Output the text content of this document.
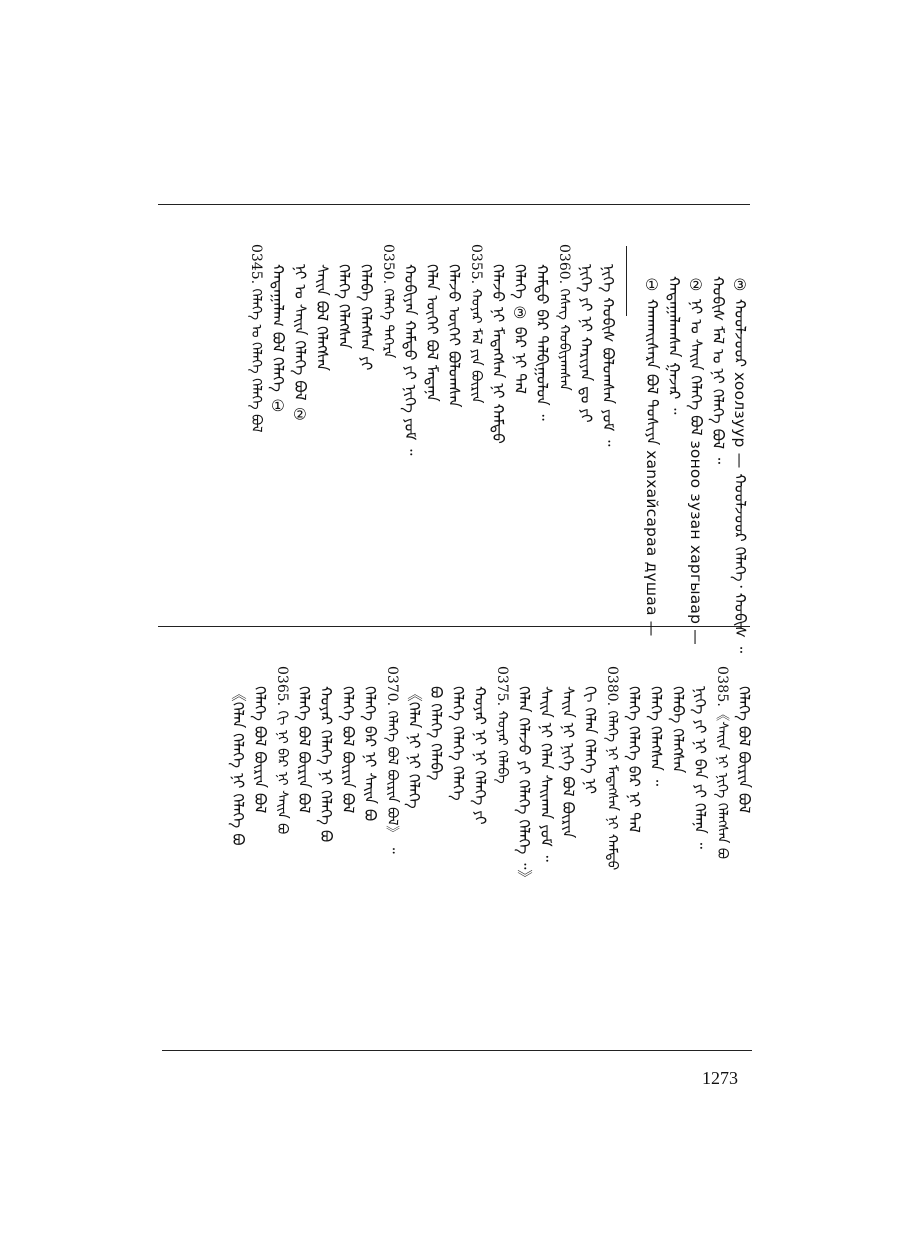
③ ᠬᠣᠣᠯᠵᠤᠤᠷ xoолзуур — ᠬᠣᠣᠯᠵᠤᠤᠷ ᠬᠡᠯᠡᠭᠡ᠂ ᠬᠤᠪᠢᠰ ᠃
ᠬᠤᠪᠢᠰ ᠮᠠᠯ ᠤ ᠨᠢ ᠬᠡᠯᠡᠭᠡ ᠪᠣᠯ ᠃
② ᠨᠢ ᠤ ᠰᠠᠢᠨ ᠬᠡᠯᠡᠭᠡ ᠪᠣᠯ зоноо зузан хаpгыаар —
ᠬᠠᠳᠠᠭᠠᠯᠠᠭᠰᠠᠨ ᠭᠠᠵᠠᠷ ᠃
① ᠬᠠᠨᠬᠠᠢᠰᠠᠷᠠ ᠪᠣᠯ ᠳᠤᠰᠢᠶᠠ хаnхайcapаа дүшаа —
ᠨᠢᠭᠡ ᠬᠤᠪᠢᠰ ᠪᠣᠯᠤᠭᠰᠠᠨ ᠶᠤᠮ ᠃
ᠨᠢᠭᠡ ᠶᠢ ᠨᠢ ᠬᠠᠷᠢᠶᠠᠨ ᠳᠤ ᠶᠢ
0360. ᠬᠡᠰᠡᠭ ᠬᠤᠪᠢᠶᠠᠭᠰᠠᠨ
ᠬᠠᠮᠲᠤ ᠪᠠᠷ ᠲᠠᠯᠪᠢᠭᠤᠯᠤᠨ ᠃
ᠬᠡᠯᠡᠭᠡ ③ ᠪᠠᠷ ᠨᠢ ᠲᠠᠯ
ᠬᠡᠯᠡᠵᠦ ᠨᠢ ᠮᠡᠳᠡᠭᠰᠡᠨ ᠨᠢ ᠬᠠᠮᠲᠤ
0355. ᠬᠣᠶᠠᠷ ᠮᠠᠯ ᠶᠢᠨ ᠪᠦᠷᠢᠨ
ᠬᠡᠯᠡᠵᠦ ᠦᠭᠡᠢ ᠪᠣᠯᠤᠭᠰᠠᠨ
ᠬᠡᠯᠡᠨ ᠦᠭᠡᠢ ᠪᠣᠯ ᠮᠡᠳᠡᠨᠡ
ᠬᠤᠪᠢᠶᠠᠨ ᠬᠠᠮᠲᠤ ᠶᠢ ᠨᠢᠭᠡ ᠶᠤᠮ ᠃
0350. ᠬᠡᠯᠡᠭᠡ ᠳᠡᠭᠡᠷᠡ
ᠬᠡᠯᠡᠪᠡ ᠬᠡᠯᠡᠭᠰᠡᠨ ᠶᠢ
ᠬᠡᠯᠡᠭᠡ ᠬᠡᠯᠡᠭᠰᠡᠨ
ᠰᠠᠢᠨ ᠪᠣᠯ ᠬᠡᠯᠡᠭᠰᠡᠨ
ᠨᠢ ᠤ ᠰᠠᠢᠨ ᠬᠡᠯᠡᠭᠡ ᠪᠣᠯ ②
ᠬᠠᠳᠠᠭᠠᠯᠠᠭ ᠪᠣᠯ ᠬᠡᠯᠡᠭᠡ ①
0345. ᠬᠡᠯᠡᠭᠡ ᠤ ᠬᠡᠯᠡᠭᠡ ᠬᠡᠯᠡᠭᠡ ᠪᠣᠯ
ᠬᠡᠯᠡᠭᠡ ᠪᠣᠯ ᠪᠦᠷᠢᠨ ᠪᠣᠯ
0385.《ᠰᠠᠢᠨ ᠨᠢ ᠨᠢᠭᠡ ᠬᠡᠯᠡᠭᠰᠡᠨ ᠪᠣ
ᠨᠢᠭᠡ ᠶᠢ ᠨᠢ ᠪᠠᠨ ᠶᠢ ᠬᠡᠯᠡᠨᠡ ᠃
ᠬᠡᠯᠡᠪᠡ ᠬᠡᠯᠡᠭᠰᠡᠨ
ᠬᠡᠯᠡᠭᠡ ᠬᠡᠯᠡᠭᠰᠡᠨ ᠃
ᠬᠡᠯᠡᠭᠡ ᠬᠡᠯᠡᠭᠡ ᠪᠠᠷ ᠨᠢ ᠲᠠᠯ
0380. ᠬᠡᠯᠡᠭᠡ ᠨᠢ ᠮᠡᠳᠡᠭᠰᠡᠨ ᠨᠢ ᠬᠠᠮᠲᠤ
ᠬᠢ ᠬᠡᠯᠡᠨ ᠬᠡᠯᠡᠭᠡ ᠨᠢ
ᠰᠠᠢᠨ ᠨᠢ ᠨᠢᠭᠡ ᠪᠣᠯ ᠪᠦᠷᠢᠨ
ᠰᠠᠢᠨ ᠨᠢ ᠬᠡᠯᠡᠨ ᠰᠠᠢᠬᠠᠨ ᠶᠤᠮ ᠃
ᠬᠡᠯᠡᠨ ᠬᠡᠯᠡᠵᠦ ᠶᠢ ᠬᠡᠯᠡᠭᠡ ᠬᠡᠯᠡᠭᠡ ᠃》
0375. ᠬᠣᠶᠠᠷ ᠬᠡᠯᠡᠪᠡ
ᠬᠣᠶᠠᠷ ᠨᠢ ᠨᠢ ᠬᠡᠯᠡᠭᠡ ᠶᠢ
ᠬᠡᠯᠡᠭᠡ ᠬᠡᠯᠡᠭᠡ ᠬᠡᠯᠡᠭᠡ
ᠪᠣ ᠬᠡᠯᠡᠭᠡ ᠬᠡᠯᠡᠪᠡ
《ᠬᠡᠯᠡᠨ ᠨᠢ ᠨᠢ ᠬᠡᠯᠡᠭᠡ
0370. ᠬᠡᠯᠡᠭᠡ ᠪᠣᠯ ᠪᠦᠷᠢᠨ ᠪᠣᠯ》 ᠃
ᠬᠡᠯᠡᠭᠡ ᠪᠡᠷ ᠨᠢ ᠰᠠᠢᠨ ᠪᠣ
ᠬᠡᠯᠡᠭᠡ ᠪᠣᠯ ᠪᠦᠷᠢᠨ ᠪᠣᠯ
ᠬᠣᠶᠠᠷ ᠬᠡᠯᠡᠭᠡ ᠨᠢ ᠬᠡᠯᠡᠭᠡ ᠪᠣ
ᠬᠡᠯᠡᠭᠡ ᠪᠣᠯ ᠪᠦᠷᠢᠨ ᠪᠣᠯ
0365. ᠬᠢ ᠨᠢ ᠪᠡᠷ ᠨᠢ ᠰᠠᠢᠨ ᠪᠣ
ᠬᠡᠯᠡᠭᠡ ᠪᠣᠯ ᠪᠦᠷᠢᠨ ᠪᠣᠯ
《ᠬᠡᠯᠡᠨ ᠬᠡᠯᠡᠭᠡ ᠨᠢ ᠬᠡᠯᠡᠭᠡ ᠪᠣ
1273
